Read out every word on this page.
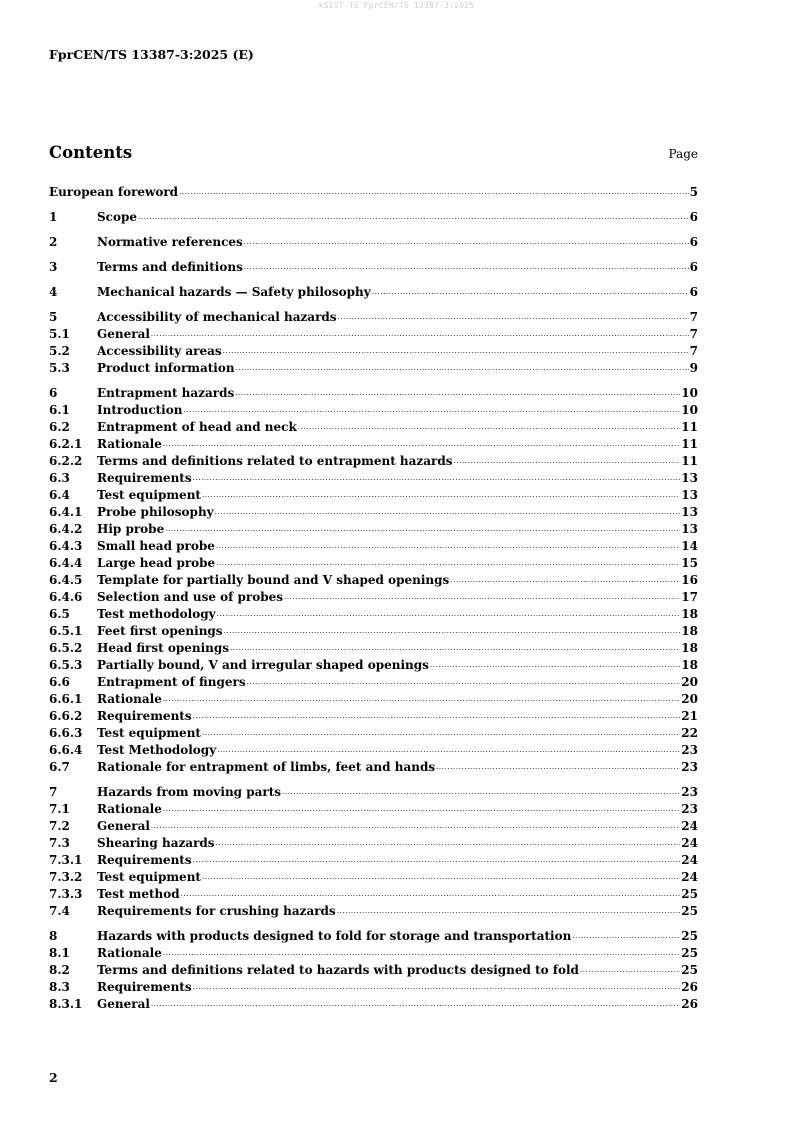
kSIST-TS FprCEN/TS 13387-3:2025
FprCEN/TS 13387-3:2025 (E)
Contents	Page
European foreword .....	5
1	Scope .....	6
2	Normative references .....	6
3	Terms and definitions .....	6
4	Mechanical hazards — Safety philosophy .....	6
5	Accessibility of mechanical hazards .....	7
5.1	General .....	7
5.2	Accessibility areas .....	7
5.3	Product information .....	9
6	Entrapment hazards .....	10
6.1	Introduction .....	10
6.2	Entrapment of head and neck .....	11
6.2.1	Rationale .....	11
6.2.2	Terms and definitions related to entrapment hazards .....	11
6.3	Requirements .....	13
6.4	Test equipment .....	13
6.4.1	Probe philosophy .....	13
6.4.2	Hip probe .....	13
6.4.3	Small head probe .....	14
6.4.4	Large head probe .....	15
6.4.5	Template for partially bound and V shaped openings .....	16
6.4.6	Selection and use of probes .....	17
6.5	Test methodology .....	18
6.5.1	Feet first openings .....	18
6.5.2	Head first openings .....	18
6.5.3	Partially bound, V and irregular shaped openings .....	18
6.6	Entrapment of fingers .....	20
6.6.1	Rationale .....	20
6.6.2	Requirements .....	21
6.6.3	Test equipment .....	22
6.6.4	Test Methodology .....	23
6.7	Rationale for entrapment of limbs, feet and hands .....	23
7	Hazards from moving parts .....	23
7.1	Rationale .....	23
7.2	General .....	24
7.3	Shearing hazards .....	24
7.3.1	Requirements .....	24
7.3.2	Test equipment .....	24
7.3.3	Test method .....	25
7.4	Requirements for crushing hazards .....	25
8	Hazards with products designed to fold for storage and transportation .....	25
8.1	Rationale .....	25
8.2	Terms and definitions related to hazards with products designed to fold .....	25
8.3	Requirements .....	26
8.3.1	General .....	26
2
